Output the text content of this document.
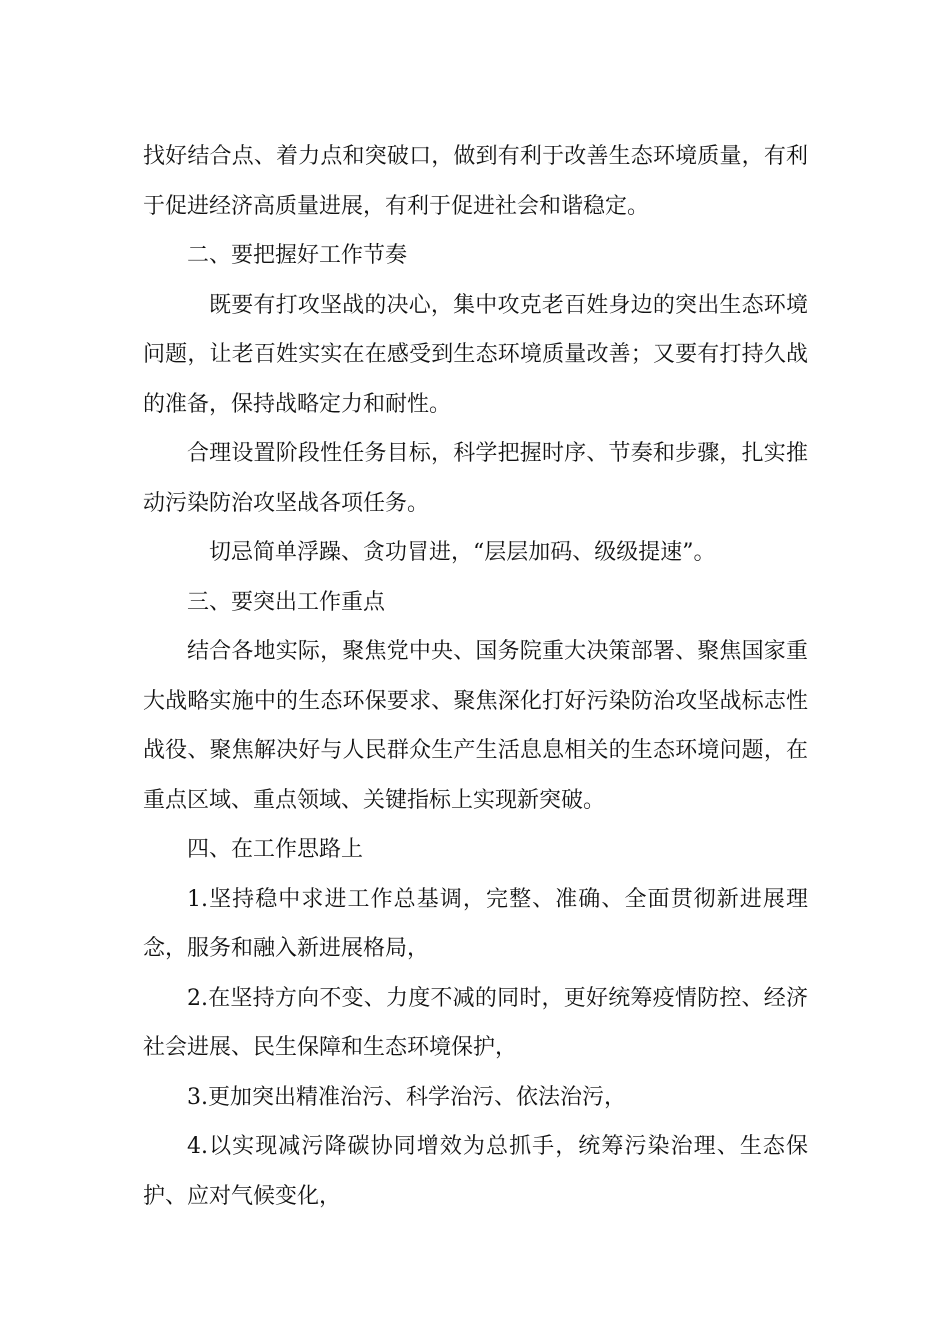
找好结合点、着力点和突破口，做到有利于改善生态环境质量，有利于促进经济高质量进展，有利于促进社会和谐稳定。

二、要把握好工作节奏

既要有打攻坚战的决心，集中攻克老百姓身边的突出生态环境问题，让老百姓实实在在感受到生态环境质量改善；又要有打持久战的准备，保持战略定力和耐性。

合理设置阶段性任务目标，科学把握时序、节奏和步骤，扎实推动污染防治攻坚战各项任务。

切忌简单浮躁、贪功冒进，“层层加码、级级提速”。

三、要突出工作重点

结合各地实际，聚焦党中央、国务院重大决策部署、聚焦国家重大战略实施中的生态环保要求、聚焦深化打好污染防治攻坚战标志性战役、聚焦解决好与人民群众生产生活息息相关的生态环境问题，在重点区域、重点领域、关键指标上实现新突破。

四、在工作思路上

1.坚持稳中求进工作总基调，完整、准确、全面贯彻新进展理念，服务和融入新进展格局，

2.在坚持方向不变、力度不减的同时，更好统筹疫情防控、经济社会进展、民生保障和生态环境保护，

3.更加突出精准治污、科学治污、依法治污，

4.以实现减污降碳协同增效为总抓手，统筹污染治理、生态保护、应对气候变化，
